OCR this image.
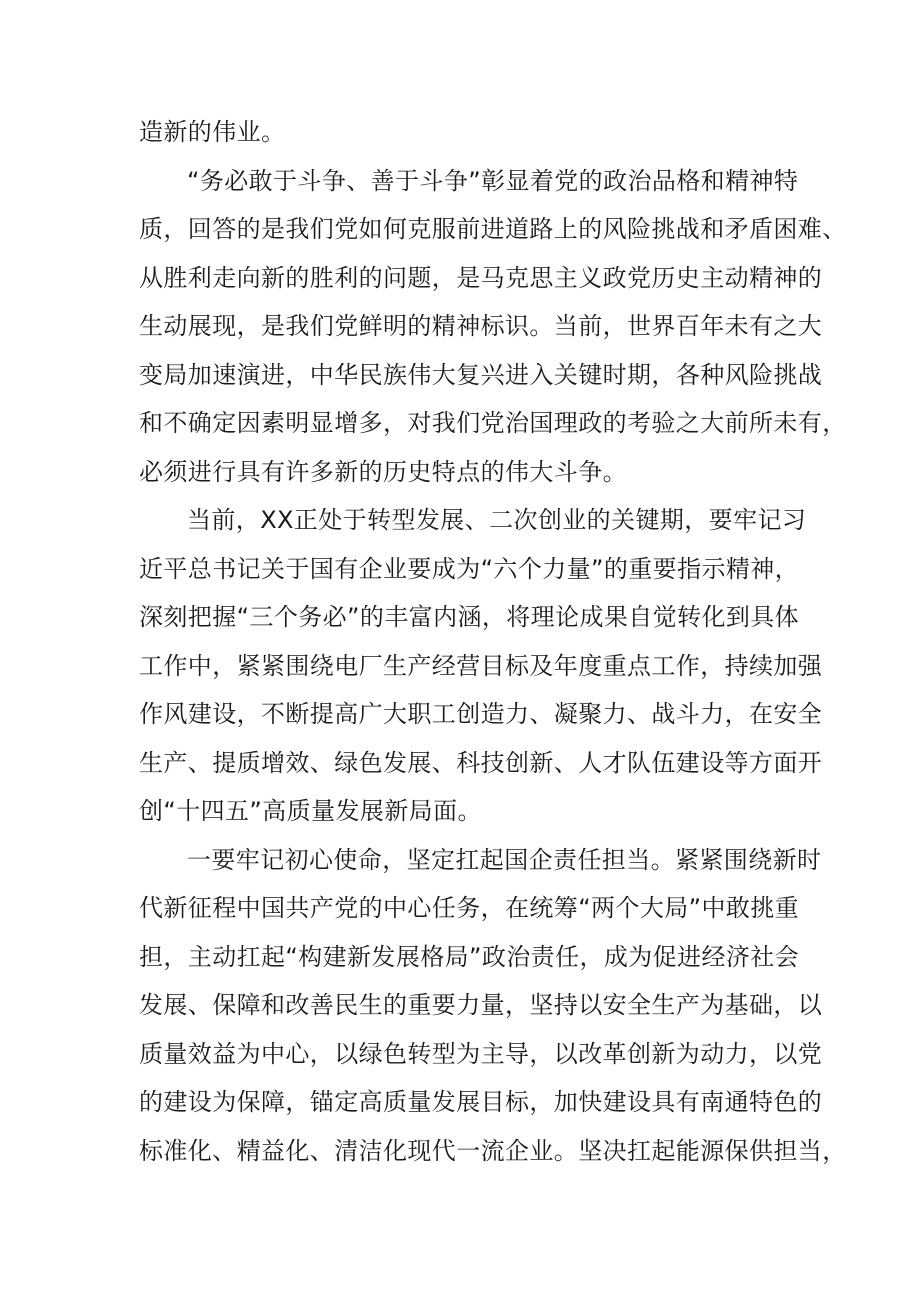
造新的伟业。
“务必敢于斗争、善于斗争”彰显着党的政治品格和精神特
质，回答的是我们党如何克服前进道路上的风险挑战和矛盾困难、
从胜利走向新的胜利的问题，是马克思主义政党历史主动精神的
生动展现，是我们党鲜明的精神标识。当前，世界百年未有之大
变局加速演进，中华民族伟大复兴进入关键时期，各种风险挑战
和不确定因素明显增多，对我们党治国理政的考验之大前所未有，
必须进行具有许多新的历史特点的伟大斗争。
当前，XX正处于转型发展、二次创业的关键期，要牢记习
近平总书记关于国有企业要成为“六个力量”的重要指示精神，
深刻把握“三个务必”的丰富内涵，将理论成果自觉转化到具体
工作中，紧紧围绕电厂生产经营目标及年度重点工作，持续加强
作风建设，不断提高广大职工创造力、凝聚力、战斗力，在安全
生产、提质增效、绿色发展、科技创新、人才队伍建设等方面开
创“十四五”高质量发展新局面。
一要牢记初心使命，坚定扛起国企责任担当。紧紧围绕新时
代新征程中国共产党的中心任务，在统筹“两个大局”中敢挑重
担，主动扛起“构建新发展格局”政治责任，成为促进经济社会
发展、保障和改善民生的重要力量，坚持以安全生产为基础，以
质量效益为中心，以绿色转型为主导，以改革创新为动力，以党
的建设为保障，锚定高质量发展目标，加快建设具有南通特色的
标准化、精益化、清洁化现代一流企业。坚决扛起能源保供担当，
